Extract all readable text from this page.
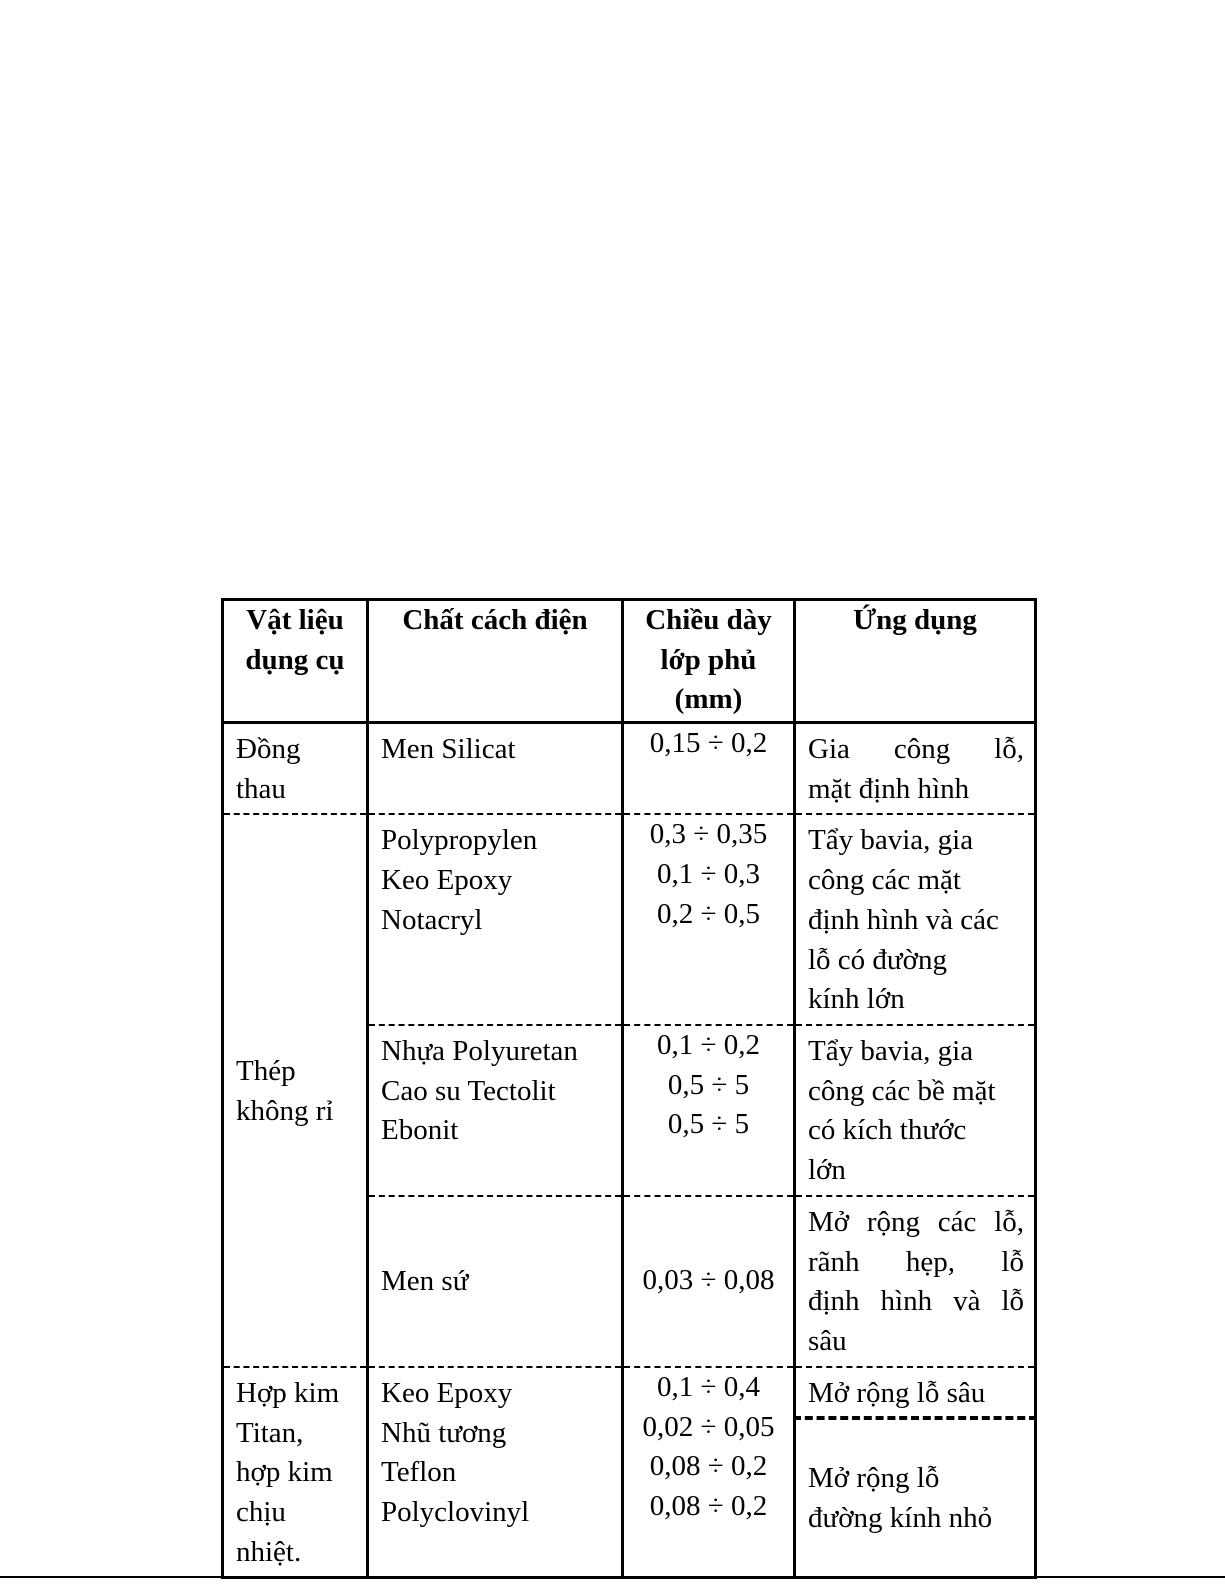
Vật liệu
dụng cụ	Chất cách điện	Chiều dày
lớp phủ
(mm)	Ứng dụng

Đồng
thau	Men Silicat	0,15 ÷ 0,2	Gia công lỗ,
mặt định hình

Thép
không rỉ	Polypropylen
Keo Epoxy
Notacryl	0,3 ÷ 0,35
0,1 ÷ 0,3
0,2 ÷ 0,5	Tẩy bavia, gia
công các mặt
định hình và các
lỗ có đường
kính lớn

	Nhựa Polyuretan
Cao su Tectolit
Ebonit	0,1 ÷ 0,2
0,5 ÷ 5
0,5 ÷ 5	Tẩy bavia, gia
công các bề mặt
có kích thước
lớn

	Men sứ	0,03 ÷ 0,08	Mở rộng các lỗ,
rãnh hẹp, lỗ
định hình và lỗ
sâu

Hợp kim
Titan,
hợp kim
chịu
nhiệt.	Keo Epoxy
Nhũ tương
Teflon
Polyclovinyl	0,1 ÷ 0,4
0,02 ÷ 0,05
0,08 ÷ 0,2
0,08 ÷ 0,2	Mở rộng lỗ sâu

			Mở rộng lỗ
đường kính nhỏ
